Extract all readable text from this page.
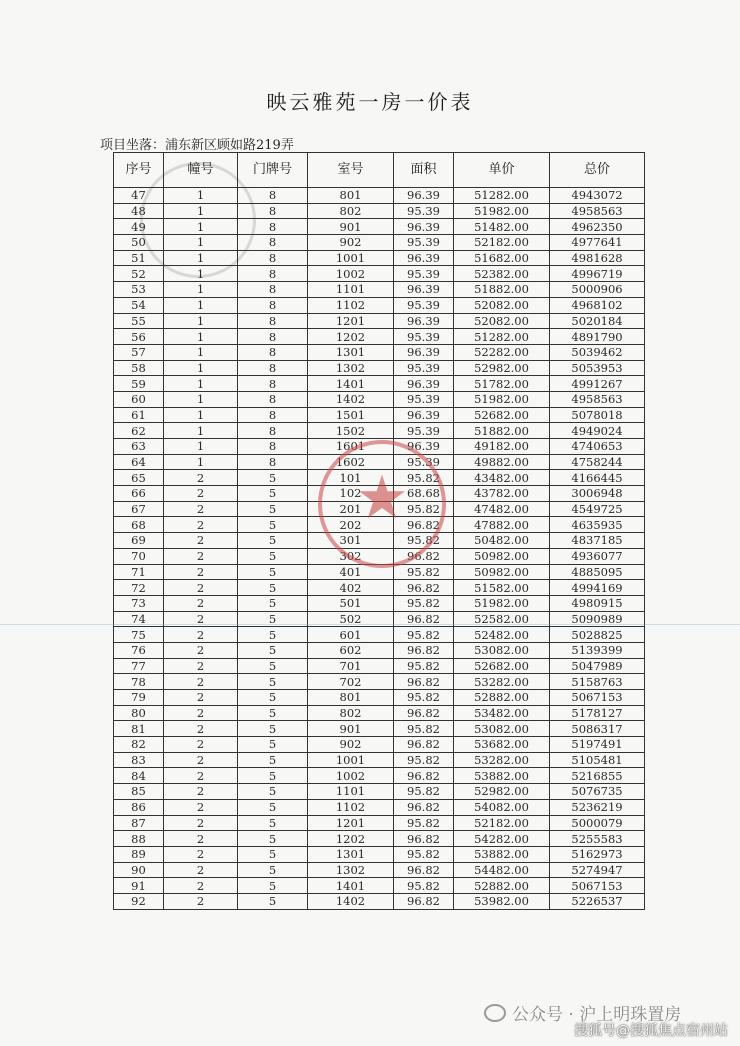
映云雅苑一房一价表
项目坐落：浦东新区顾如路219弄
序号	幢号	门牌号	室号	面积	单价	总价
47	1	8	801	96.39	51282.00	4943072
48	1	8	802	95.39	51982.00	4958563
49	1	8	901	96.39	51482.00	4962350
50	1	8	902	95.39	52182.00	4977641
51	1	8	1001	96.39	51682.00	4981628
52	1	8	1002	95.39	52382.00	4996719
53	1	8	1101	96.39	51882.00	5000906
54	1	8	1102	95.39	52082.00	4968102
55	1	8	1201	96.39	52082.00	5020184
56	1	8	1202	95.39	51282.00	4891790
57	1	8	1301	96.39	52282.00	5039462
58	1	8	1302	95.39	52982.00	5053953
59	1	8	1401	96.39	51782.00	4991267
60	1	8	1402	95.39	51982.00	4958563
61	1	8	1501	96.39	52682.00	5078018
62	1	8	1502	95.39	51882.00	4949024
63	1	8	1601	96.39	49182.00	4740653
64	1	8	1602	95.39	49882.00	4758244
65	2	5	101	95.82	43482.00	4166445
66	2	5	102	68.68	43782.00	3006948
67	2	5	201	95.82	47482.00	4549725
68	2	5	202	96.82	47882.00	4635935
69	2	5	301	95.82	50482.00	4837185
70	2	5	302	96.82	50982.00	4936077
71	2	5	401	95.82	50982.00	4885095
72	2	5	402	96.82	51582.00	4994169
73	2	5	501	95.82	51982.00	4980915
74	2	5	502	96.82	52582.00	5090989
75	2	5	601	95.82	52482.00	5028825
76	2	5	602	96.82	53082.00	5139399
77	2	5	701	95.82	52682.00	5047989
78	2	5	702	96.82	53282.00	5158763
79	2	5	801	95.82	52882.00	5067153
80	2	5	802	96.82	53482.00	5178127
81	2	5	901	95.82	53082.00	5086317
82	2	5	902	96.82	53682.00	5197491
83	2	5	1001	95.82	53282.00	5105481
84	2	5	1002	96.82	53882.00	5216855
85	2	5	1101	95.82	52982.00	5076735
86	2	5	1102	96.82	54082.00	5236219
87	2	5	1201	95.82	52182.00	5000079
88	2	5	1202	96.82	54282.00	5255583
89	2	5	1301	95.82	53882.00	5162973
90	2	5	1302	96.82	54482.00	5274947
91	2	5	1401	95.82	52882.00	5067153
92	2	5	1402	96.82	53982.00	5226537
★
公众号 · 沪上明珠置房
搜狐号@搜狐焦点宿州站
